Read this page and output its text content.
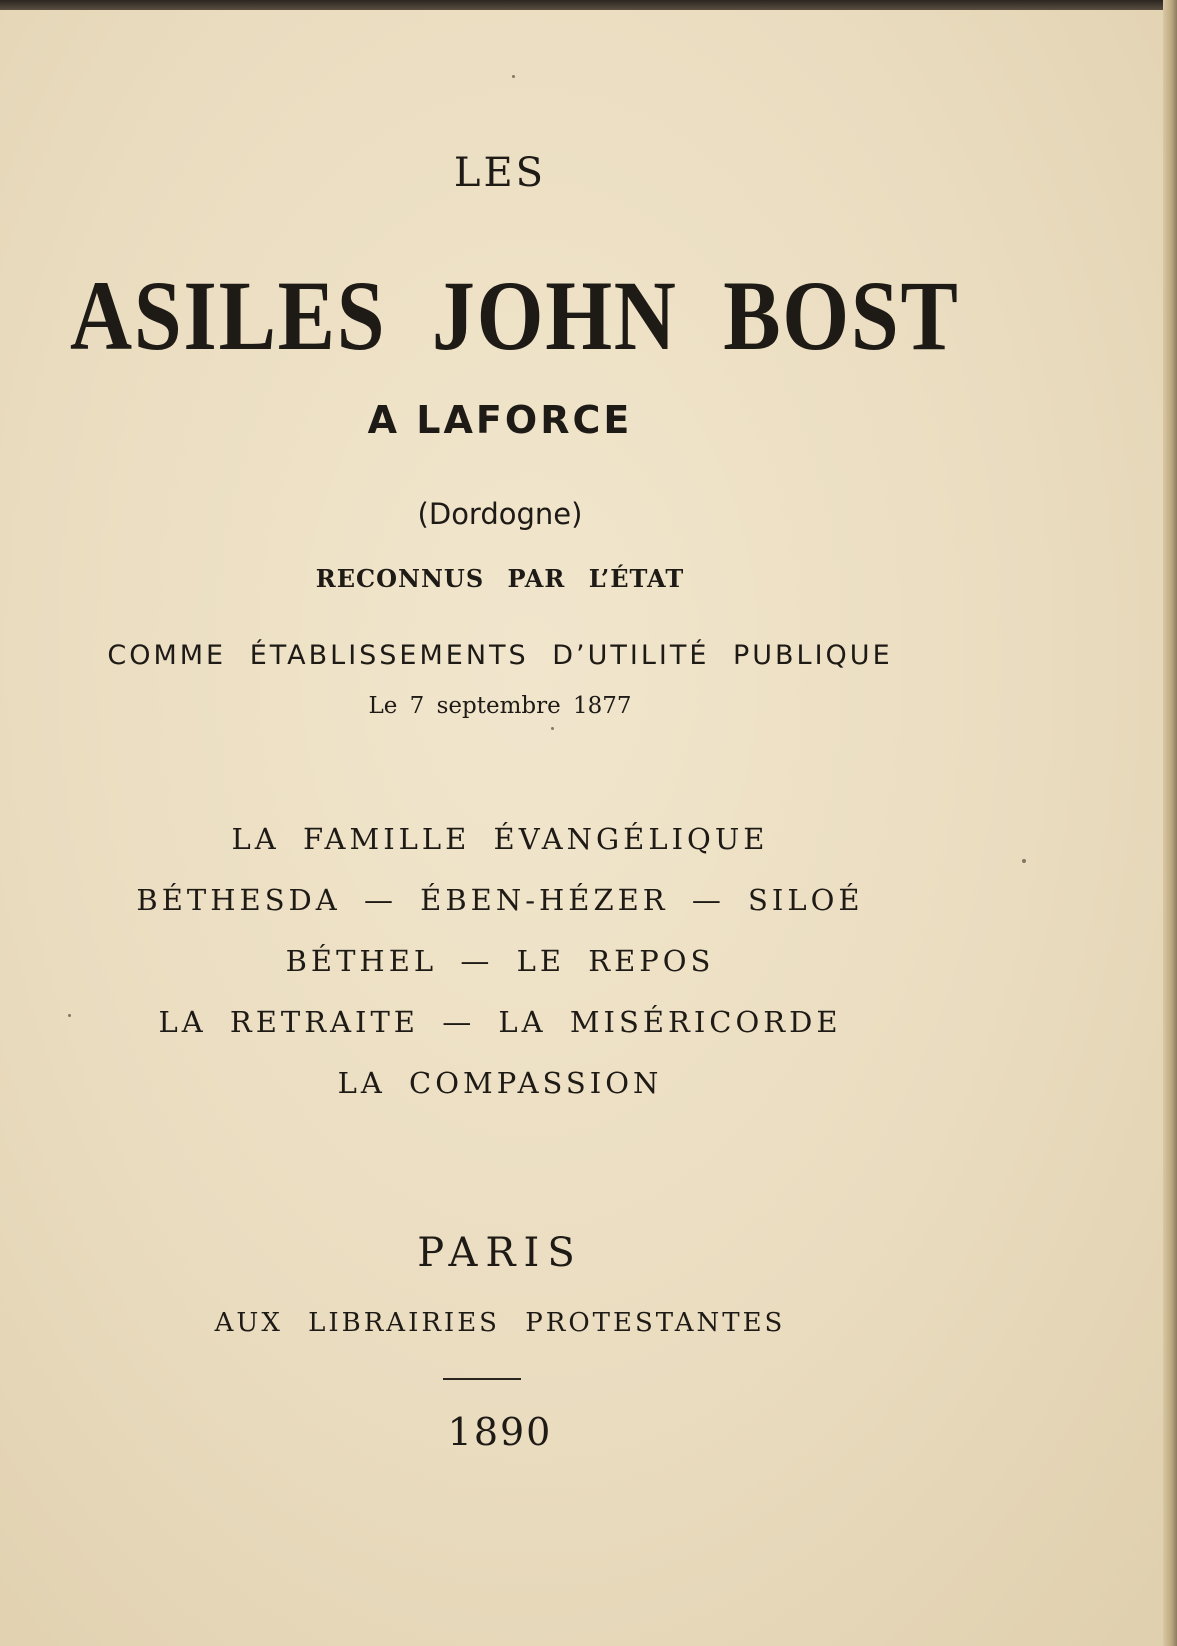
LES
ASILES JOHN BOST
A LAFORCE
(Dordogne)
RECONNUS PAR L’ÉTAT
COMME ÉTABLISSEMENTS D’UTILITÉ PUBLIQUE
Le 7 septembre 1877
LA FAMILLE ÉVANGÉLIQUE
BÉTHESDA — ÉBEN-HÉZER — SILOÉ
BÉTHEL — LE REPOS
LA RETRAITE — LA MISÉRICORDE
LA COMPASSION
PARIS
AUX LIBRAIRIES PROTESTANTES
1890
